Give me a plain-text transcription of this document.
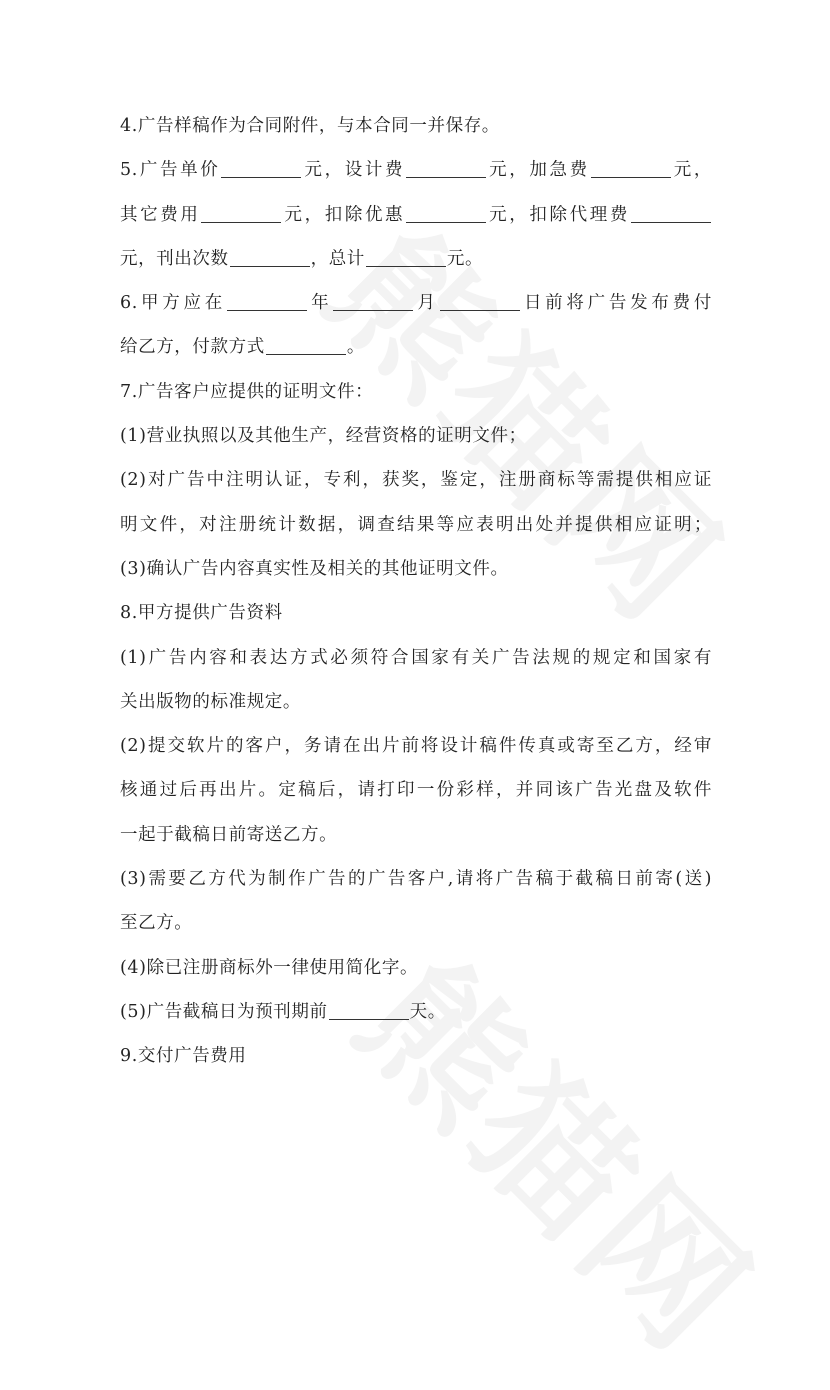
4.广告样稿作为合同附件，与本合同一并保存。
5.广告单价	元，设计费	元，加急费	元，
其它费用	元，扣除优惠	元，扣除代理费
元，刊出次数	，总计	元。
6.甲方应在	年	月	日前将广告发布费付
给乙方，付款方式	。
7.广告客户应提供的证明文件：
(1)营业执照以及其他生产，经营资格的证明文件；
(2)对广告中注明认证，专利，获奖，鉴定，注册商标等需提供相应证
明文件，对注册统计数据，调查结果等应表明出处并提供相应证明；
(3)确认广告内容真实性及相关的其他证明文件。
8.甲方提供广告资料
(1)广告内容和表达方式必须符合国家有关广告法规的规定和国家有
关出版物的标准规定。
(2)提交软片的客户，务请在出片前将设计稿件传真或寄至乙方，经审
核通过后再出片。定稿后，请打印一份彩样，并同该广告光盘及软件
一起于截稿日前寄送乙方。
(3)需要乙方代为制作广告的广告客户,请将广告稿于截稿日前寄(送)
至乙方。
(4)除已注册商标外一律使用简化字。
(5)广告截稿日为预刊期前	天。
9.交付广告费用
